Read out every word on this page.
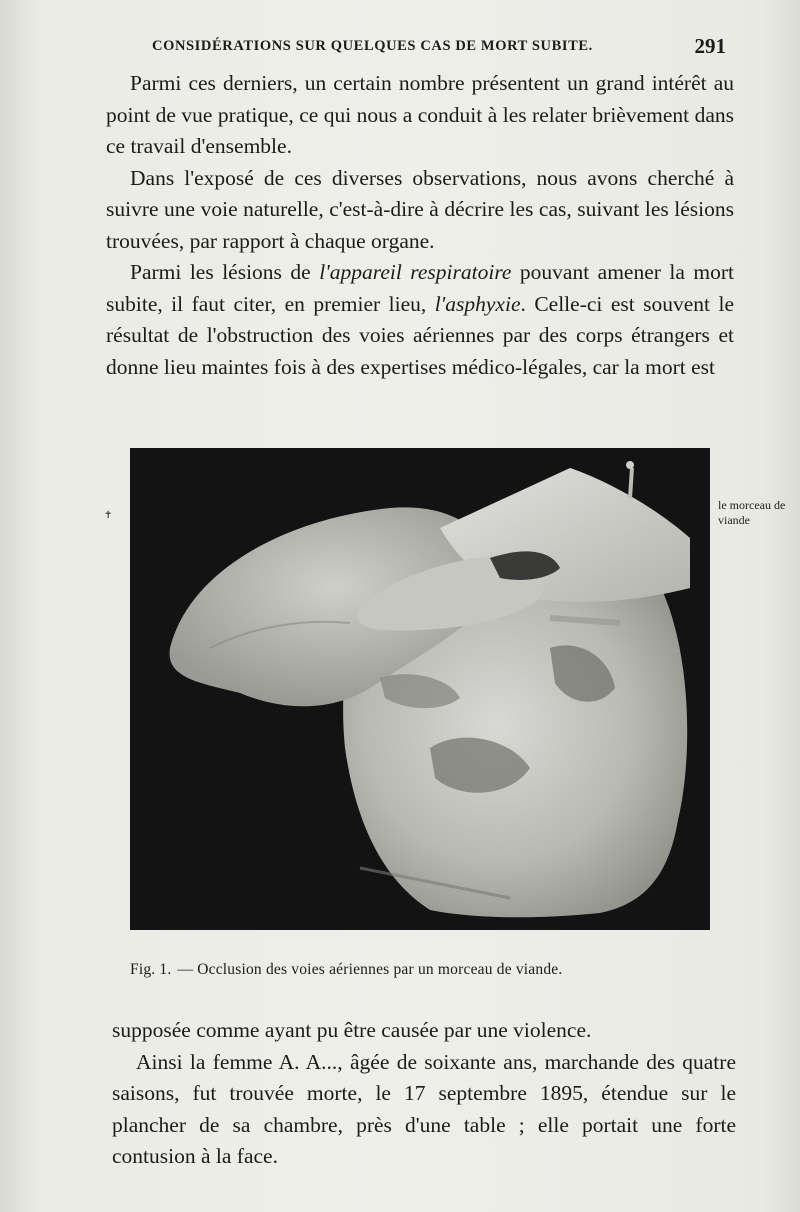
CONSIDÉRATIONS SUR QUELQUES CAS DE MORT SUBITE.	291

Parmi ces derniers, un certain nombre présentent un grand intérêt au point de vue pratique, ce qui nous a conduit à les relater brièvement dans ce travail d'ensemble.

Dans l'exposé de ces diverses observations, nous avons cherché à suivre une voie naturelle, c'est-à-dire à décrire les cas, suivant les lésions trouvées, par rapport à chaque organe.

Parmi les lésions de l'appareil respiratoire pouvant amener la mort subite, il faut citer, en premier lieu, l'asphyxie. Celle-ci est souvent le résultat de l'obstruction des voies aériennes par des corps étrangers et donne lieu maintes fois à des expertises médico-légales, car la mort est

✝
le morceau de viande
Fig. 1. — Occlusion des voies aériennes par un morceau de viande.

supposée comme ayant pu être causée par une violence.

Ainsi la femme A. A..., âgée de soixante ans, marchande des quatre saisons, fut trouvée morte, le 17 septembre 1895, étendue sur le plancher de sa chambre, près d'une table ; elle portait une forte contusion à la face.
